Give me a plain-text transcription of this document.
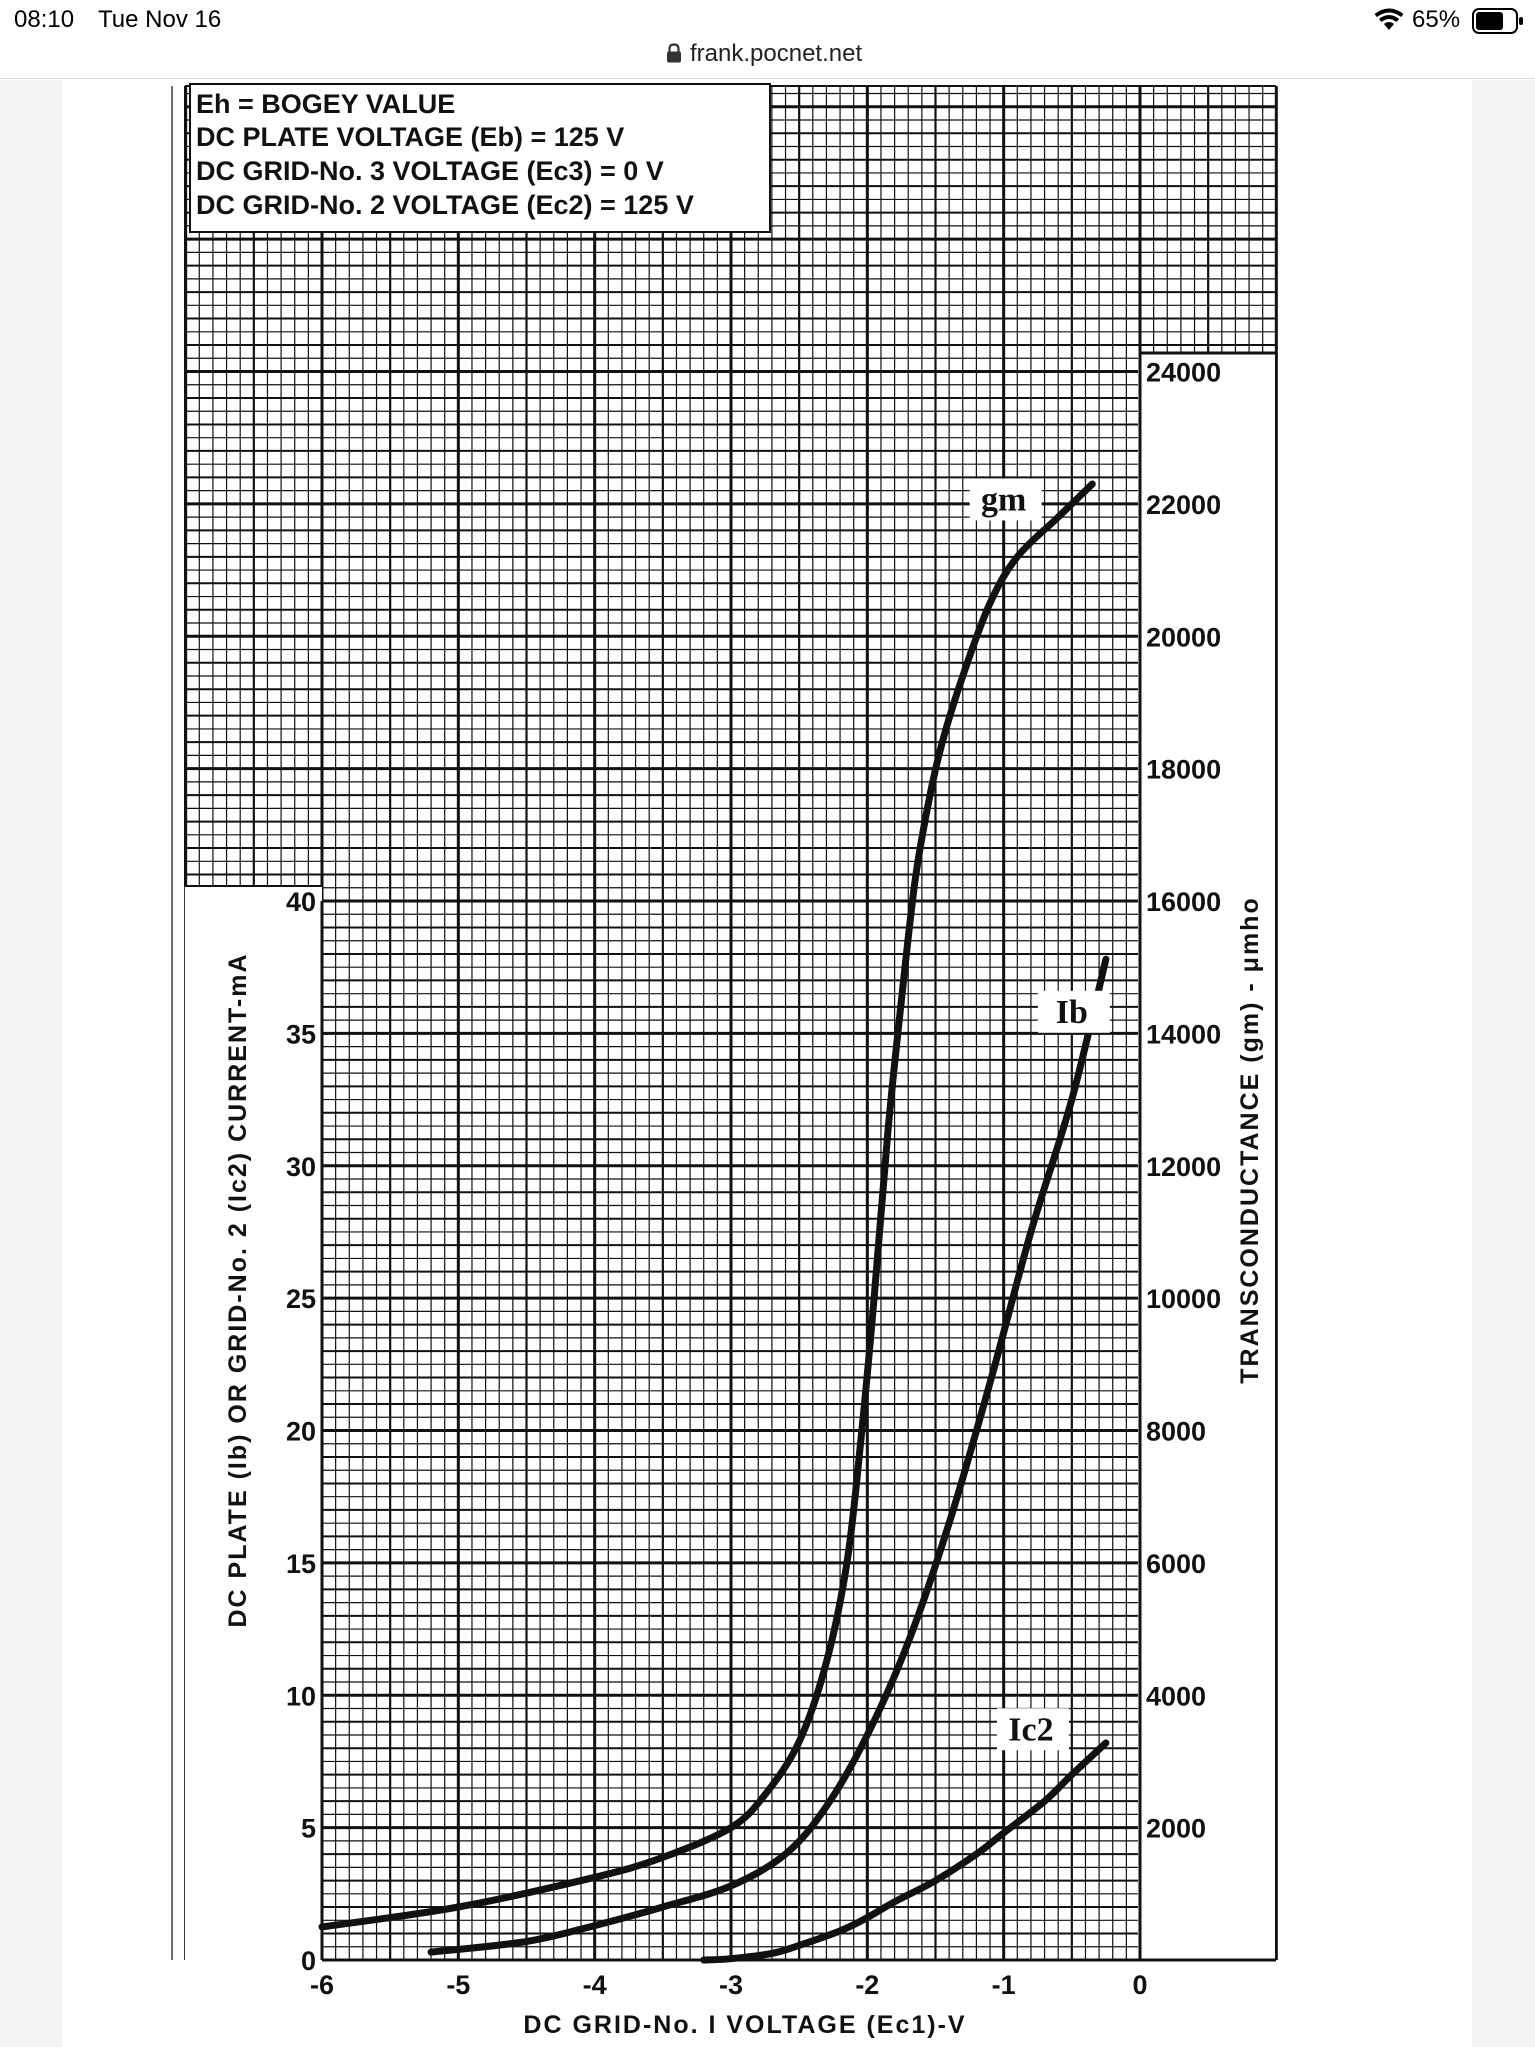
08:10 Tue Nov 16	65%
frank.pocnet.net
Eh = BOGEY VALUE
DC PLATE VOLTAGE (Eb) = 125 V
DC GRID-No. 3 VOLTAGE (Ec3) = 0 V
DC GRID-No. 2 VOLTAGE (Ec2) = 125 V
gm
Ib
Ic2
-6	-5	-4	-3	-2	-1	0
0
5
10
15
20
25
30
35
40
2000
4000
6000
8000
10000
12000
14000
16000
18000
20000
22000
24000
DC GRID-No. I VOLTAGE (Ec1)-V
DC PLATE (Ib) OR GRID-No. 2 (Ic2) CURRENT-mA	TRANSCONDUCTANCE (gm) - μmho
